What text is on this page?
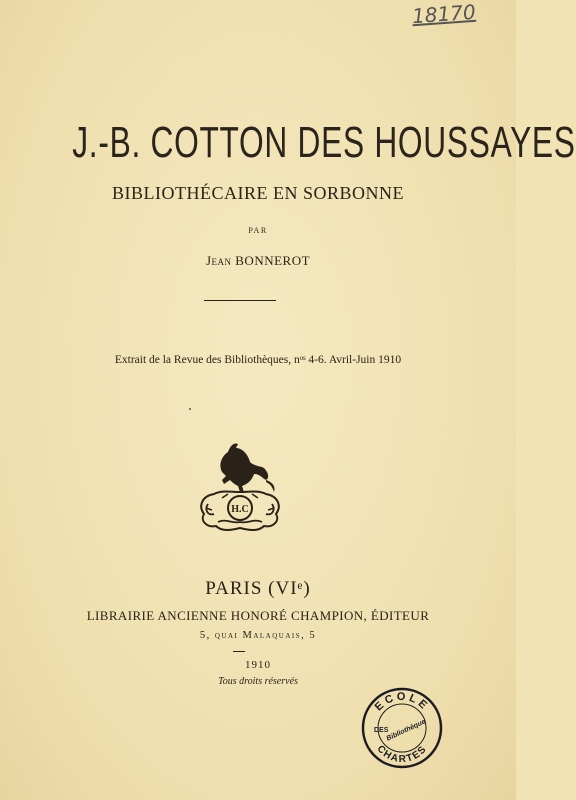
18170
J.-B. COTTON DES HOUSSAYES
BIBLIOTHÉCAIRE EN SORBONNE
PAR
Jean BONNEROT
Extrait de la Revue des Bibliothèques, nᵒˢ 4-6. Avril-Juin 1910
H.C
PARIS (VIᵉ)
LIBRAIRIE ANCIENNE HONORÉ CHAMPION, ÉDITEUR
5, quai Malaquais, 5
1910
Tous droits réservés
ECOLE
CHARTES
DES
Bibliothèque
